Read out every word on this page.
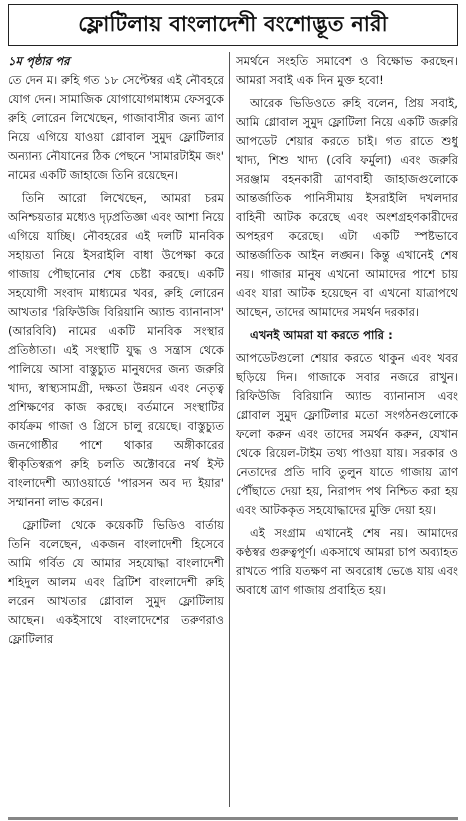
ফ্লোটিলায় বাংলাদেশী বংশোদ্ভূত নারী

১ম পৃষ্ঠার পর
তে দেন ম। রুহি গত ১৮ সেপ্টেম্বর এই নৌবহরে যোগ দেন। সামাজিক যোগাযোগমাধ্যম ফেসবুকে রুহি লোরেন লিখেছেন, গাজাবাসীর জন্য ত্রাণ নিয়ে এগিয়ে যাওয়া গ্লোবাল সুমুদ ফ্লোটিলার অন্যান্য নৌযানের ঠিক পেছনে 'সামারটাইম জং' নামের একটি জাহাজে তিনি রয়েছেন।

তিনি আরো লিখেছেন, আমরা চরম অনিশ্চয়তার মধ্যেও দৃঢ়প্রতিজ্ঞা এবং আশা নিয়ে এগিয়ে যাচ্ছি। নৌবহরের এই দলটি মানবিক সহায়তা নিয়ে ইসরাইলি বাধা উপেক্ষা করে গাজায় পৌছানোর শেষ চেষ্টা করছে। একটি সহযোগী সংবাদ মাধ্যমের খবর, রুহি লোরেন আখতার 'রিফিউজি বিরিয়ানি অ্যান্ড ব্যানানাস' (আরবিবি) নামের একটি মানবিক সংস্থার প্রতিষ্ঠাতা। এই সংস্থাটি যুদ্ধ ও সন্ত্রাস থেকে পালিয়ে আসা বাস্তুচ্যুত মানুষদের জন্য জরুরি খাদ্য, স্বাস্থ্যসামগ্রী, দক্ষতা উন্নয়ন এবং নেতৃত্ব প্রশিক্ষণের কাজ করছে। বর্তমানে সংস্থাটির কার্যক্রম গাজা ও গ্রিসে চালু রয়েছে। বাস্তুচ্যুত জনগোষ্ঠীর পাশে থাকার অঙ্গীকারের স্বীকৃতিস্বরূপ রুহি চলতি অক্টোবরে নর্থ ইস্ট বাংলাদেশী অ্যাওয়ার্ডে 'পারসন অব দ্য ইয়ার' সম্মাননা লাভ করেন।

ফ্লোটিলা থেকে কয়েকটি ভিডিও বার্তায় তিনি বলেছেন, একজন বাংলাদেশী হিসেবে আমি গর্বিত যে আমার সহযোদ্ধা বাংলাদেশী শহিদুল আলম এবং ব্রিটিশ বাংলাদেশী রুহি লরেন আখতার গ্লোবাল সুমুদ ফ্লোটিলায় আছেন। একইসাথে বাংলাদেশের তরুণরাও ফ্লোটিলার

সমর্থনে সংহতি সমাবেশ ও বিক্ষোভ করছেন। আমরা সবাই এক দিন মুক্ত হবো!

আরেক ভিডিওতে রুহি বলেন, প্রিয় সবাই, আমি গ্লোবাল সুমুদ ফ্লোটিলা নিয়ে একটি জরুরি আপডেট শেয়ার করতে চাই। গত রাতে শুধু খাদ্য, শিশু খাদ্য (বেবি ফর্মুলা) এবং জরুরি সরঞ্জাম বহনকারী ত্রাণবাহী জাহাজগুলোকে আন্তর্জাতিক পানিসীমায় ইসরাইলি দখলদার বাহিনী আটক করেছে এবং অংশগ্রহণকারীদের অপহরণ করেছে। এটা একটি স্পষ্টভাবে আন্তর্জাতিক আইন লঙ্ঘন। কিন্তু এখানেই শেষ নয়। গাজার মানুষ এখনো আমাদের পাশে চায় এবং যারা আটক হয়েছেন বা এখনো যাত্রাপথে আছেন, তাদের আমাদের সমর্থন দরকার।

এখনই আমরা যা করতে পারি :

আপডেটগুলো শেয়ার করতে থাকুন এবং খবর ছড়িয়ে দিন। গাজাকে সবার নজরে রাখুন। রিফিউজি বিরিয়ানি অ্যান্ড ব্যানানাস এবং গ্লোবাল সুমুদ ফ্লোটিলার মতো সংগঠনগুলোকে ফলো করুন এবং তাদের সমর্থন করুন, যেখান থেকে রিয়েল-টাইম তথ্য পাওয়া যায়। সরকার ও নেতাদের প্রতি দাবি তুলুন যাতে গাজায় ত্রাণ পৌঁছাতে দেয়া হয়, নিরাপদ পথ নিশ্চিত করা হয় এবং আটককৃত সহযোদ্ধাদের মুক্তি দেয়া হয়।

এই সংগ্রাম এখানেই শেষ নয়। আমাদের কণ্ঠস্বর গুরুত্বপূর্ণ। একসাথে আমরা চাপ অব্যাহত রাখতে পারি যতক্ষণ না অবরোধ ভেঙে যায় এবং অবাধে ত্রাণ গাজায় প্রবাহিত হয়।
